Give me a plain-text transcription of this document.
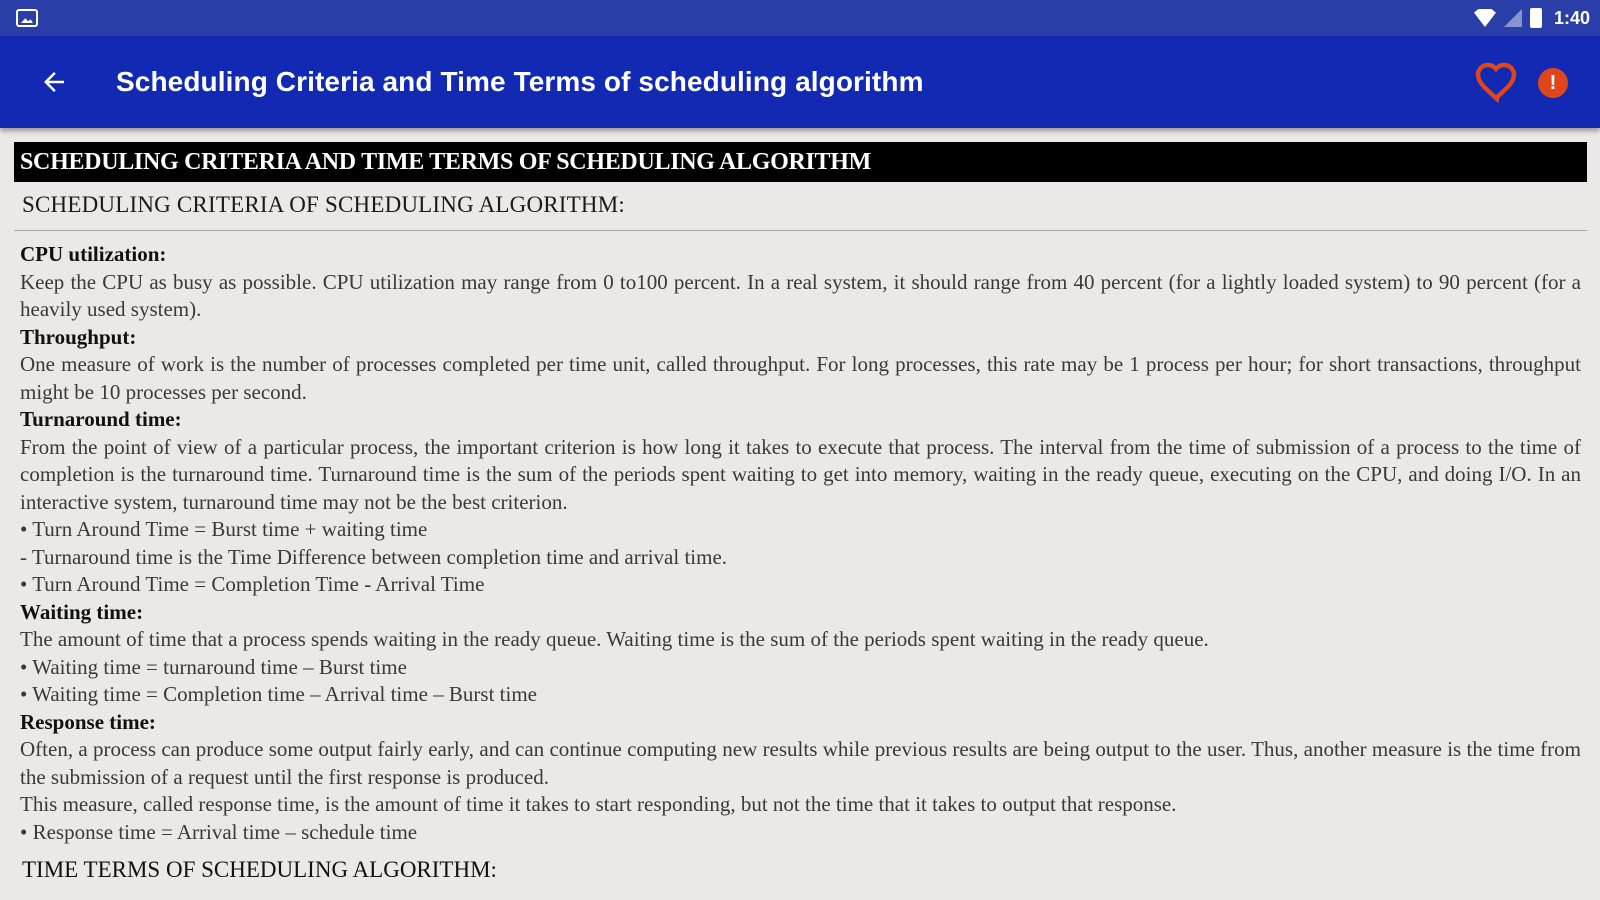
1:40
Scheduling Criteria and Time Terms of scheduling algorithm	!
SCHEDULING CRITERIA AND TIME TERMS OF SCHEDULING ALGORITHM
SCHEDULING CRITERIA OF SCHEDULING ALGORITHM:
CPU utilization:
Keep the CPU as busy as possible. CPU utilization may range from 0 to100 percent. In a real system, it should range from 40 percent (for a lightly loaded system) to 90 percent (for a heavily used system).
Throughput:
One measure of work is the number of processes completed per time unit, called throughput. For long processes, this rate may be 1 process per hour; for short transactions, throughput might be 10 processes per second.
Turnaround time:
From the point of view of a particular process, the important criterion is how long it takes to execute that process. The interval from the time of submission of a process to the time of completion is the turnaround time. Turnaround time is the sum of the periods spent waiting to get into memory, waiting in the ready queue, executing on the CPU, and doing I/O. In an interactive system, turnaround time may not be the best criterion.
• Turn Around Time = Burst time + waiting time
- Turnaround time is the Time Difference between completion time and arrival time.
• Turn Around Time = Completion Time - Arrival Time
Waiting time:
The amount of time that a process spends waiting in the ready queue. Waiting time is the sum of the periods spent waiting in the ready queue.
• Waiting time = turnaround time – Burst time
• Waiting time = Completion time – Arrival time – Burst time
Response time:
Often, a process can produce some output fairly early, and can continue computing new results while previous results are being output to the user. Thus, another measure is the time from the submission of a request until the first response is produced.
This measure, called response time, is the amount of time it takes to start responding, but not the time that it takes to output that response.
• Response time = Arrival time – schedule time
TIME TERMS OF SCHEDULING ALGORITHM:
